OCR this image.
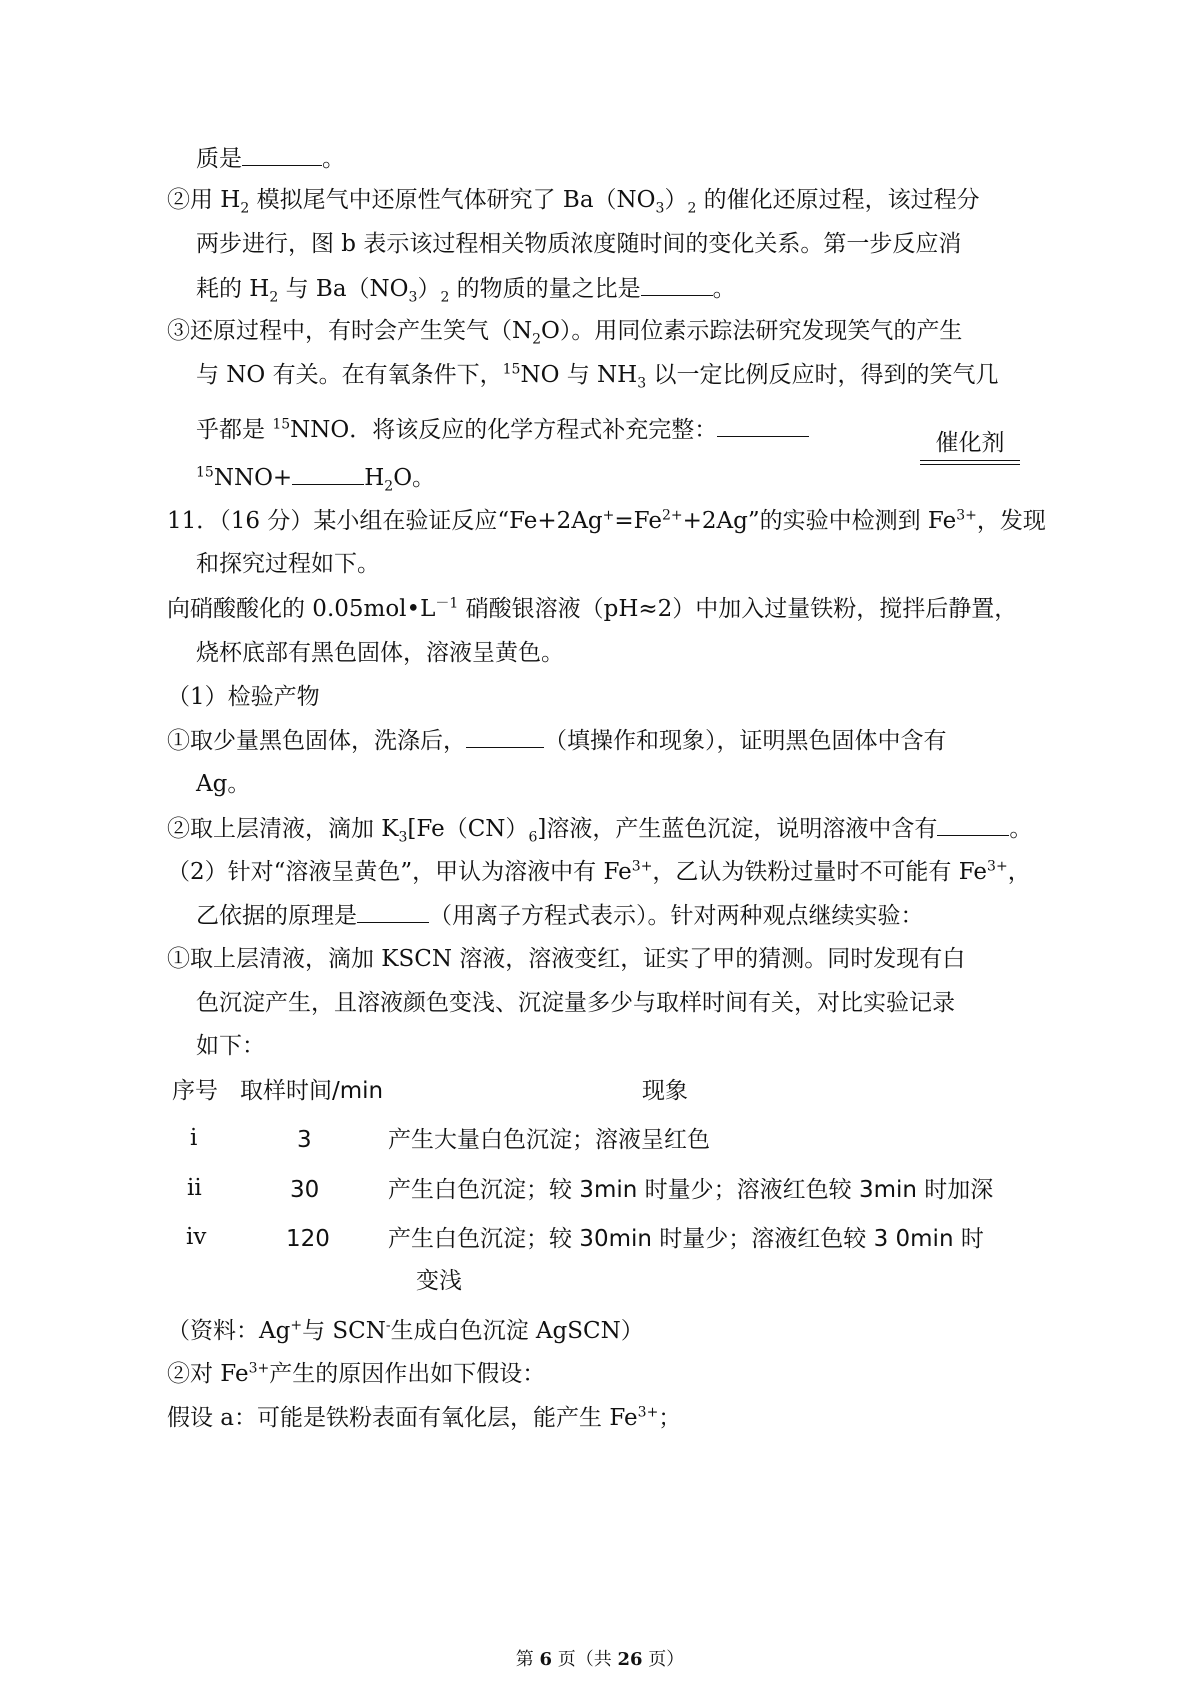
质是	。
②用 $H_2$ 模拟尾气中还原性气体研究了 $Ba(NO_3)_2$ 的催化还原过程，该过程分
两步进行，图 b 表示该过程相关物质浓度随时间的变化关系。第一步反应消
耗的 $H_2$ 与 $Ba(NO_3)_2$ 的物质的量之比是	。
③还原过程中，有时会产生笑气$(N_2O)$。用同位素示踪法研究发现笑气的产生
与 NO 有关。在有氧条件下，$^{15}$NO 与 $NH_3$ 以一定比例反应时，得到的笑气几
乎都是 $^{15}$NNO．将该反应的化学方程式补充完整：	催化剂
$^{15}$NNO+	$H_2O$。
11．（16 分）某小组在验证反应“$Fe+2Ag^+=Fe^{2+}+2Ag$”的实验中检测到 $Fe^{3+}$，发现
和探究过程如下。
向硝酸酸化的 $0.05mol•L^{-1}$ 硝酸银溶液（pH≈2）中加入过量铁粉，搅拌后静置，
烧杯底部有黑色固体，溶液呈黄色。
（1）检验产物
①取少量黑色固体，洗涤后，	（填操作和现象），证明黑色固体中含有
Ag。
②取上层清液，滴加 $K_3[Fe(CN)_6]$溶液，产生蓝色沉淀，说明溶液中含有	。
（2）针对“溶液呈黄色”，甲认为溶液中有 $Fe^{3+}$，乙认为铁粉过量时不可能有 $Fe^{3+}$，
乙依据的原理是	（用离子方程式表示）。针对两种观点继续实验：
①取上层清液，滴加 KSCN 溶液，溶液变红，证实了甲的猜测。同时发现有白
色沉淀产生，且溶液颜色变浅、沉淀量多少与取样时间有关，对比实验记录
如下：
序号 取样时间/min	现象
i	3	产生大量白色沉淀；溶液呈红色
ii	30	产生白色沉淀；较 3min 时量少；溶液红色较 3min 时加深
iv	120	产生白色沉淀；较 30min 时量少；溶液红色较 3 0min 时
变浅
（资料：Ag+与 SCN-生成白色沉淀 AgSCN）
②对 $Fe^{3+}$产生的原因作出如下假设：
假设 a：可能是铁粉表面有氧化层，能产生 $Fe^{3+}$；
第 6 页（共 26 页）
